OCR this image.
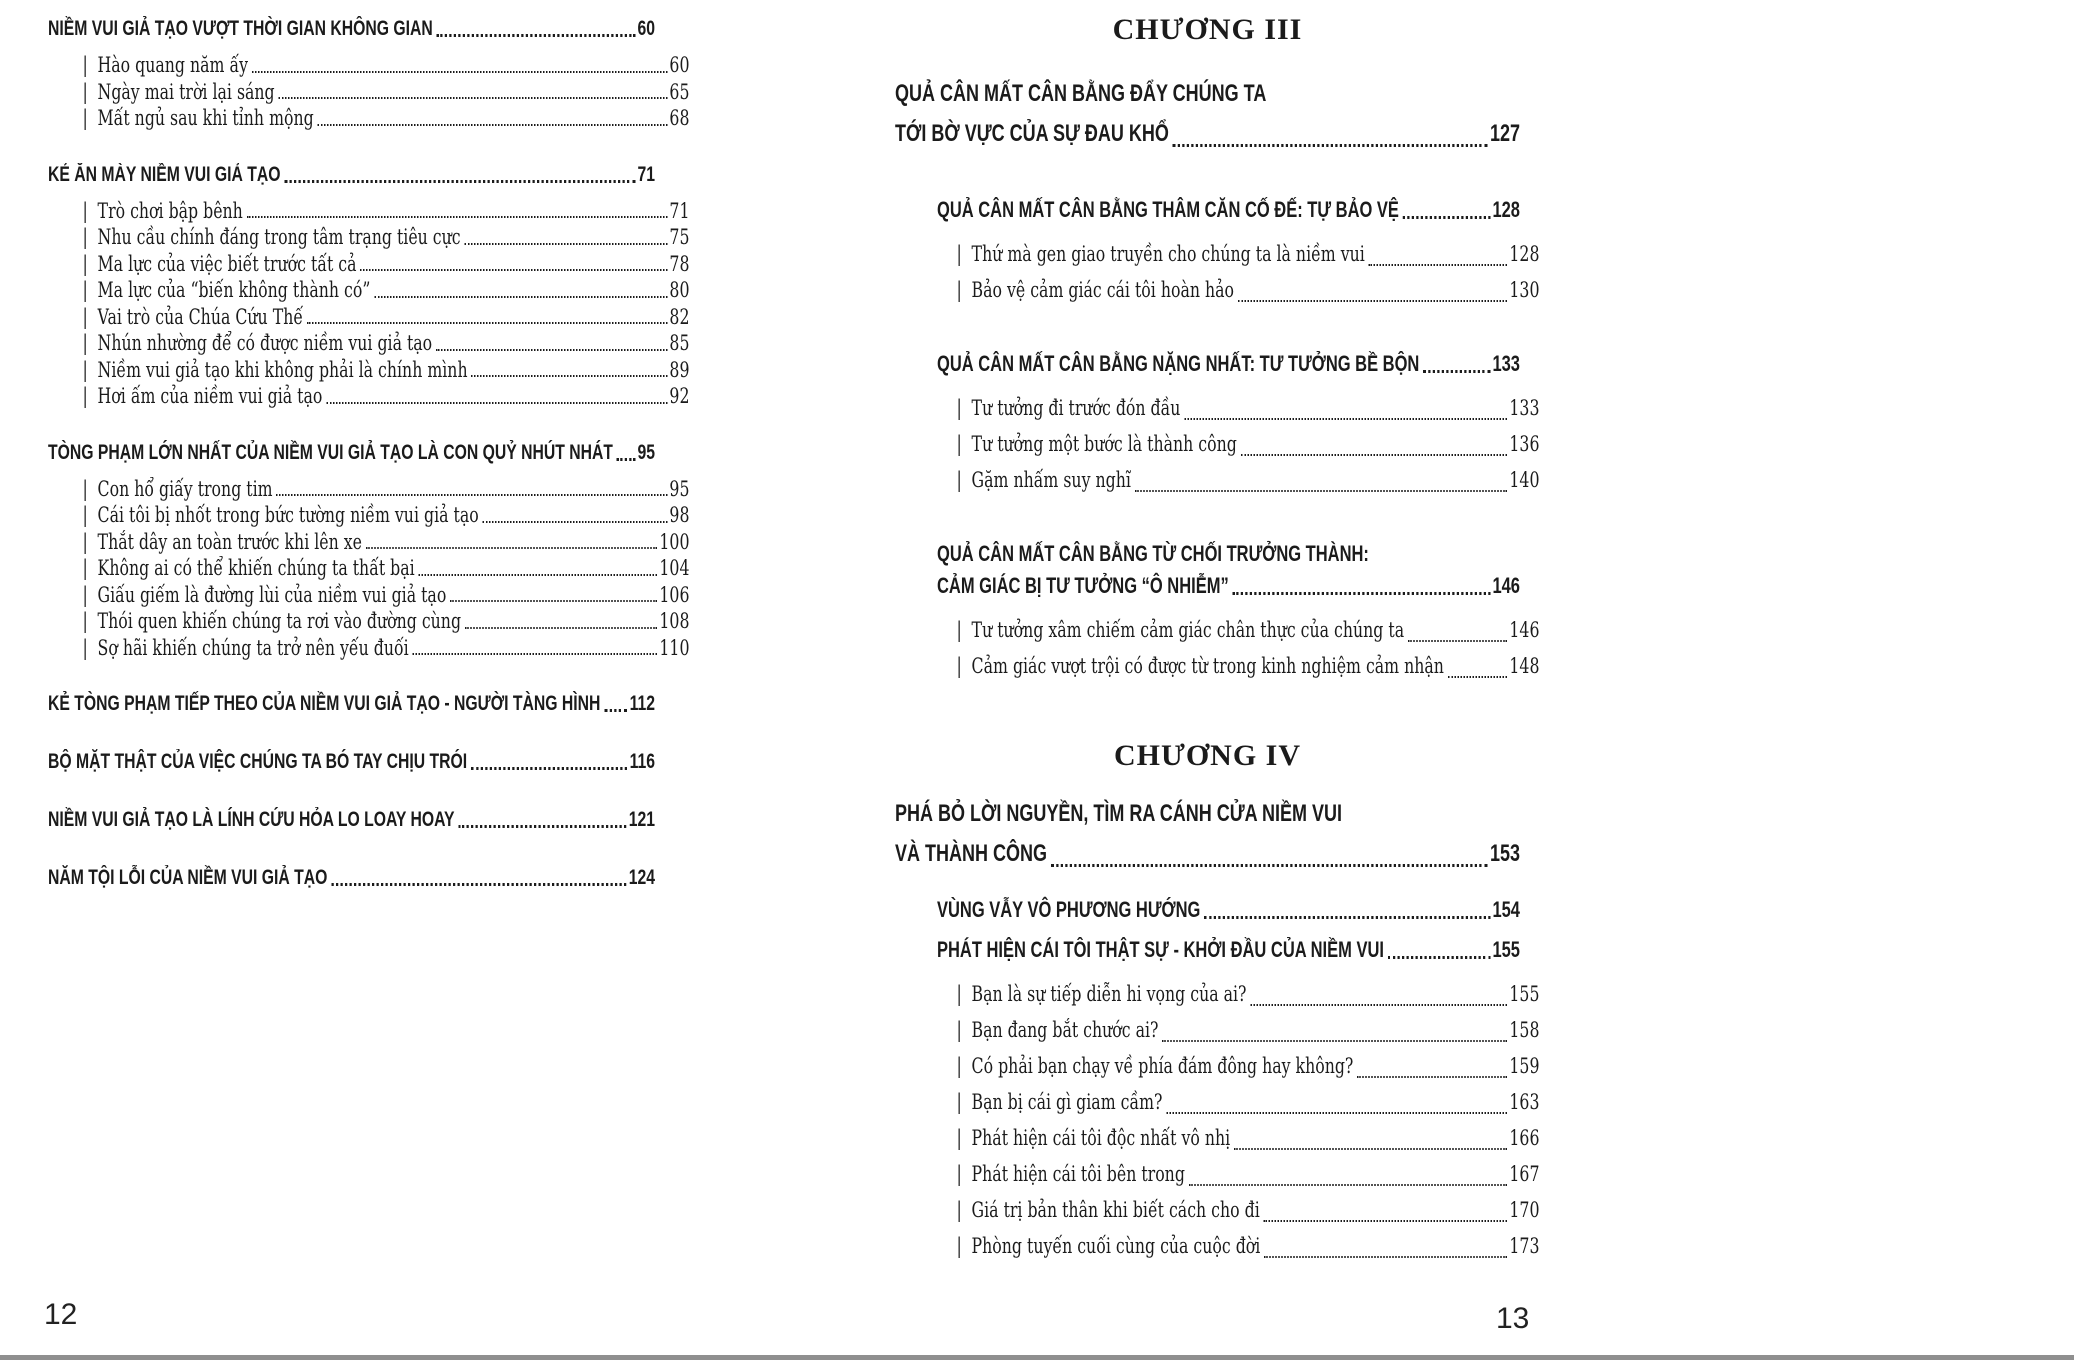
NIỀM VUI GIẢ TẠO VƯỢT THỜI GIAN KHÔNG GIAN	60
| Hào quang năm ấy	60
| Ngày mai trời lại sáng	65
| Mất ngủ sau khi tỉnh mộng	68
KẺ ĂN MÀY NIỀM VUI GIẢ TẠO	71
| Trò chơi bập bênh	71
| Nhu cầu chính đáng trong tâm trạng tiêu cực	75
| Ma lực của việc biết trước tất cả	78
| Ma lực của “biến không thành có”	80
| Vai trò của Chúa Cứu Thế	82
| Nhún nhường để có được niềm vui giả tạo	85
| Niềm vui giả tạo khi không phải là chính mình	89
| Hơi ấm của niềm vui giả tạo	92
TÒNG PHẠM LỚN NHẤT CỦA NIỀM VUI GIẢ TẠO LÀ CON QUỶ NHÚT NHÁT 95
| Con hổ giấy trong tim	95
| Cái tôi bị nhốt trong bức tường niềm vui giả tạo	98
| Thắt dây an toàn trước khi lên xe	100
| Không ai có thể khiến chúng ta thất bại	104
| Giấu giếm là đường lùi của niềm vui giả tạo	106
| Thói quen khiến chúng ta rơi vào đường cùng	108
| Sợ hãi khiến chúng ta trở nên yếu đuối	110
KẺ TÒNG PHẠM TIẾP THEO CỦA NIỀM VUI GIẢ TẠO - NGƯỜI TÀNG HÌNH 112
BỘ MẶT THẬT CỦA VIỆC CHÚNG TA BÓ TAY CHỊU TRÓI	116
NIỀM VUI GIẢ TẠO LÀ LÍNH CỨU HỎA LO LOAY HOAY	121
NĂM TỘI LỖI CỦA NIỀM VUI GIẢ TẠO	124
CHƯƠNG III
QUẢ CÂN MẤT CÂN BẰNG ĐẨY CHÚNG TA
TỚI BỜ VỰC CỦA SỰ ĐAU KHỔ	127
QUẢ CÂN MẤT CÂN BẰNG THÂM CĂN CỐ ĐẾ: TỰ BẢO VỆ	128
| Thứ mà gen giao truyền cho chúng ta là niềm vui	128
| Bảo vệ cảm giác cái tôi hoàn hảo	130
QUẢ CÂN MẤT CÂN BẰNG NẶNG NHẤT: TƯ TƯỞNG BỀ BỘN	133
| Tư tưởng đi trước đón đầu	133
| Tư tưởng một bước là thành công	136
| Gặm nhấm suy nghĩ	140
QUẢ CÂN MẤT CÂN BẰNG TỪ CHỐI TRƯỞNG THÀNH:
CẢM GIÁC BỊ TƯ TƯỞNG “Ô NHIỄM”	146
| Tư tưởng xâm chiếm cảm giác chân thực của chúng ta	146
| Cảm giác vượt trội có được từ trong kinh nghiệm cảm nhận	148
CHƯƠNG IV
PHÁ BỎ LỜI NGUYỀN, TÌM RA CÁNH CỬA NIỀM VUI
VÀ THÀNH CÔNG	153
VÙNG VẪY VÔ PHƯƠNG HƯỚNG	154
PHÁT HIỆN CÁI TÔI THẬT SỰ - KHỞI ĐẦU CỦA NIỀM VUI	155
| Bạn là sự tiếp diễn hi vọng của ai?	155
| Bạn đang bắt chước ai?	158
| Có phải bạn chạy về phía đám đông hay không?	159
| Bạn bị cái gì giam cầm?	163
| Phát hiện cái tôi độc nhất vô nhị	166
| Phát hiện cái tôi bên trong	167
| Giá trị bản thân khi biết cách cho đi	170
| Phòng tuyến cuối cùng của cuộc đời	173
12	13
